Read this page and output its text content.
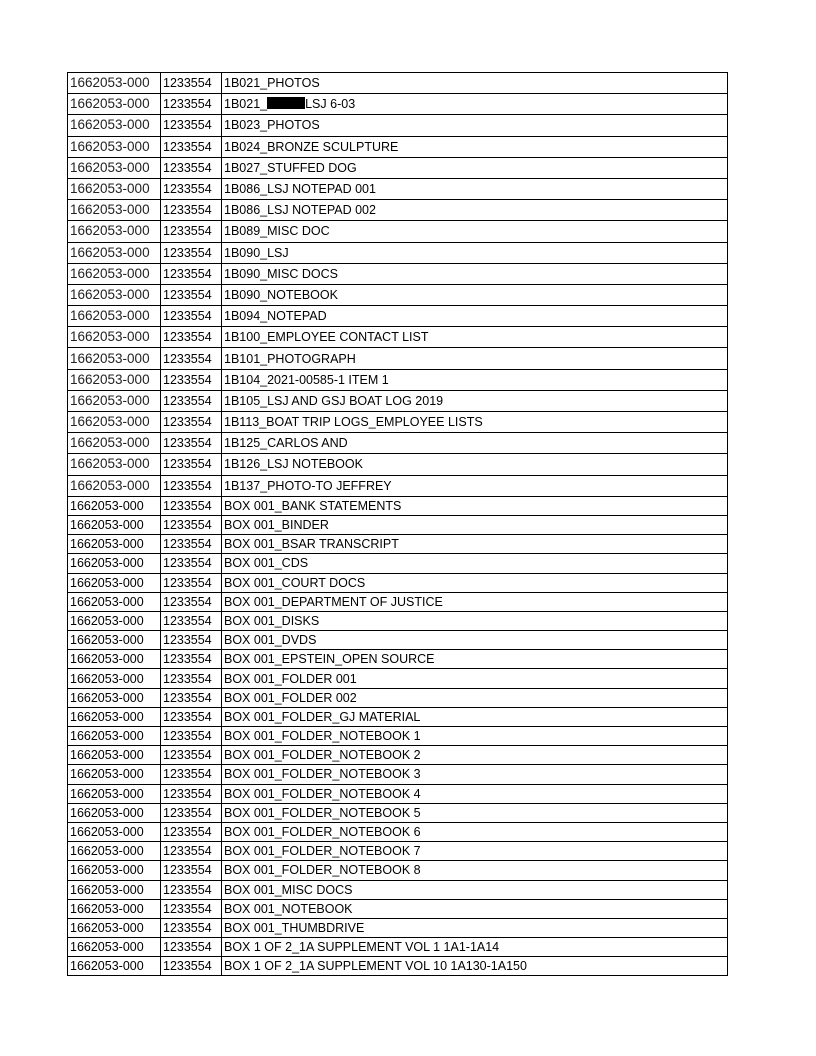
1662053-000	1233554	1B021_PHOTOS
1662053-000	1233554	1B021_ LSJ 6-03
1662053-000	1233554	1B023_PHOTOS
1662053-000	1233554	1B024_BRONZE SCULPTURE
1662053-000	1233554	1B027_STUFFED DOG
1662053-000	1233554	1B086_LSJ NOTEPAD 001
1662053-000	1233554	1B086_LSJ NOTEPAD 002
1662053-000	1233554	1B089_MISC DOC
1662053-000	1233554	1B090_LSJ
1662053-000	1233554	1B090_MISC DOCS
1662053-000	1233554	1B090_NOTEBOOK
1662053-000	1233554	1B094_NOTEPAD
1662053-000	1233554	1B100_EMPLOYEE CONTACT LIST
1662053-000	1233554	1B101_PHOTOGRAPH
1662053-000	1233554	1B104_2021-00585-1 ITEM 1
1662053-000	1233554	1B105_LSJ AND GSJ BOAT LOG 2019
1662053-000	1233554	1B113_BOAT TRIP LOGS_EMPLOYEE LISTS
1662053-000	1233554	1B125_CARLOS AND
1662053-000	1233554	1B126_LSJ NOTEBOOK
1662053-000	1233554	1B137_PHOTO-TO JEFFREY
1662053-000	1233554	BOX 001_BANK STATEMENTS
1662053-000	1233554	BOX 001_BINDER
1662053-000	1233554	BOX 001_BSAR TRANSCRIPT
1662053-000	1233554	BOX 001_CDS
1662053-000	1233554	BOX 001_COURT DOCS
1662053-000	1233554	BOX 001_DEPARTMENT OF JUSTICE
1662053-000	1233554	BOX 001_DISKS
1662053-000	1233554	BOX 001_DVDS
1662053-000	1233554	BOX 001_EPSTEIN_OPEN SOURCE
1662053-000	1233554	BOX 001_FOLDER 001
1662053-000	1233554	BOX 001_FOLDER 002
1662053-000	1233554	BOX 001_FOLDER_GJ MATERIAL
1662053-000	1233554	BOX 001_FOLDER_NOTEBOOK 1
1662053-000	1233554	BOX 001_FOLDER_NOTEBOOK 2
1662053-000	1233554	BOX 001_FOLDER_NOTEBOOK 3
1662053-000	1233554	BOX 001_FOLDER_NOTEBOOK 4
1662053-000	1233554	BOX 001_FOLDER_NOTEBOOK 5
1662053-000	1233554	BOX 001_FOLDER_NOTEBOOK 6
1662053-000	1233554	BOX 001_FOLDER_NOTEBOOK 7
1662053-000	1233554	BOX 001_FOLDER_NOTEBOOK 8
1662053-000	1233554	BOX 001_MISC DOCS
1662053-000	1233554	BOX 001_NOTEBOOK
1662053-000	1233554	BOX 001_THUMBDRIVE
1662053-000	1233554	BOX 1 OF 2_1A SUPPLEMENT VOL 1 1A1-1A14
1662053-000	1233554	BOX 1 OF 2_1A SUPPLEMENT VOL 10 1A130-1A150
